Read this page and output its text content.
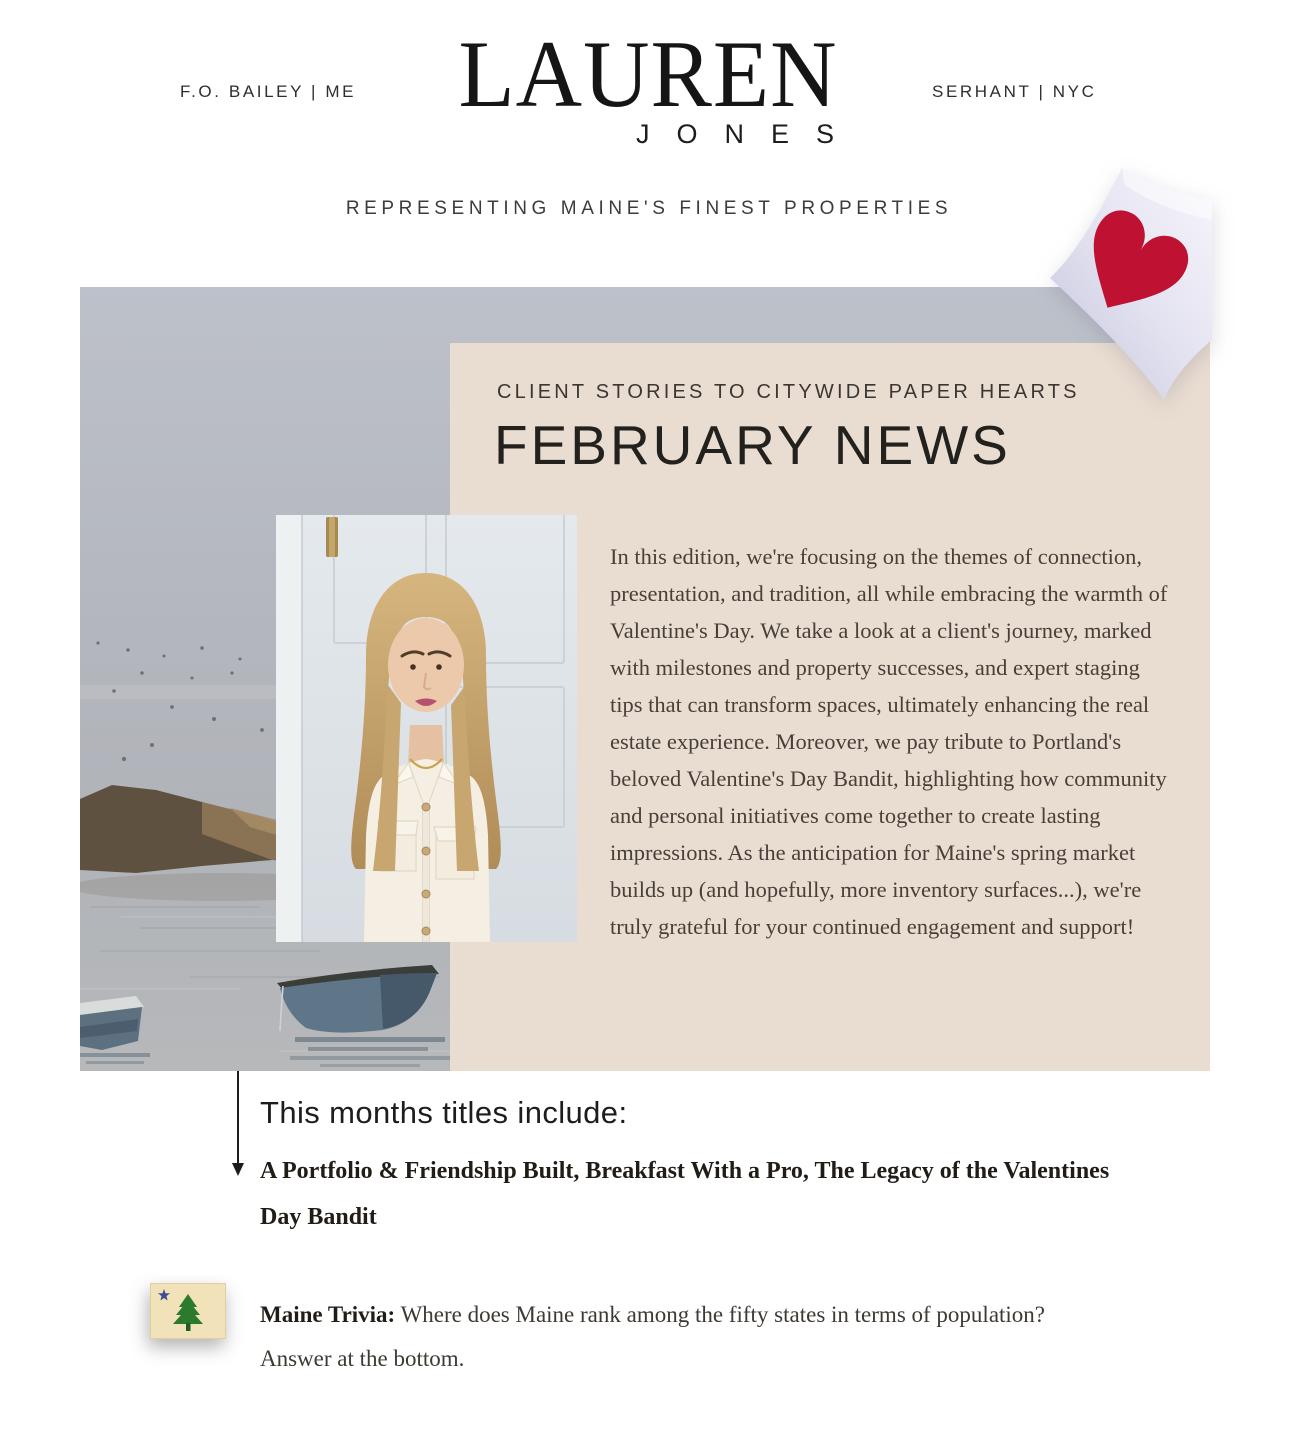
F.O. BAILEY | ME LAUREN
JONES
SERHANT | NYC
REPRESENTING MAINE'S FINEST PROPERTIES
CLIENT STORIES TO CITYWIDE PAPER HEARTS
FEBRUARY NEWS

In this edition, we're focusing on the themes of connection, presentation, and tradition, all while embracing the warmth of Valentine's Day. We take a look at a client's journey, marked with milestones and property successes, and expert staging tips that can transform spaces, ultimately enhancing the real estate experience. Moreover, we pay tribute to Portland's beloved Valentine's Day Bandit, highlighting how community and personal initiatives come together to create lasting impressions. As the anticipation for Maine's spring market builds up (and hopefully, more inventory surfaces...), we're truly grateful for your continued engagement and support!

This months titles include:
A Portfolio & Friendship Built, Breakfast With a Pro, The Legacy of the Valentines
Day Bandit

Maine Trivia: Where does Maine rank among the fifty states in terms of population?
Answer at the bottom.
